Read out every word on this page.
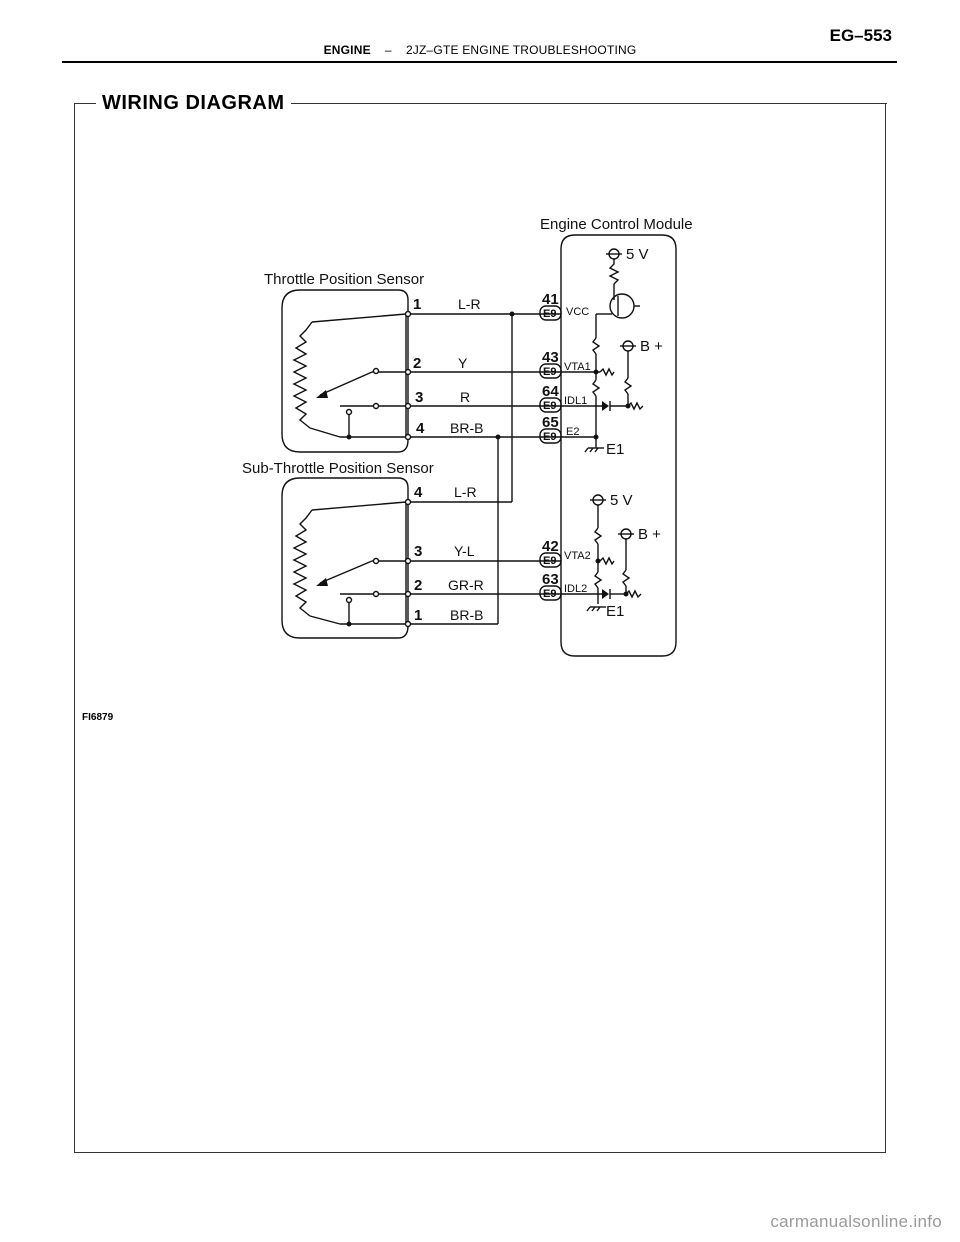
ENGINE – 2JZ–GTE ENGINE TROUBLESHOOTING
EG–553
WIRING DIAGRAM
Engine Control Module
Throttle Position Sensor
Sub-Throttle Position Sensor
1	L-R
2	Y
3	R
4 BR-B
4 L-R
3 Y-L
2 GR-R
1 BR-B
41
E9 VCC
43
E9 VTA1
64
E9 IDL1
65
E9 E2
42
E9 VTA2
63
E9 IDL2
5 V
B +
E1
5 V
B +
E1
FI6879
carmanualsonline.info
